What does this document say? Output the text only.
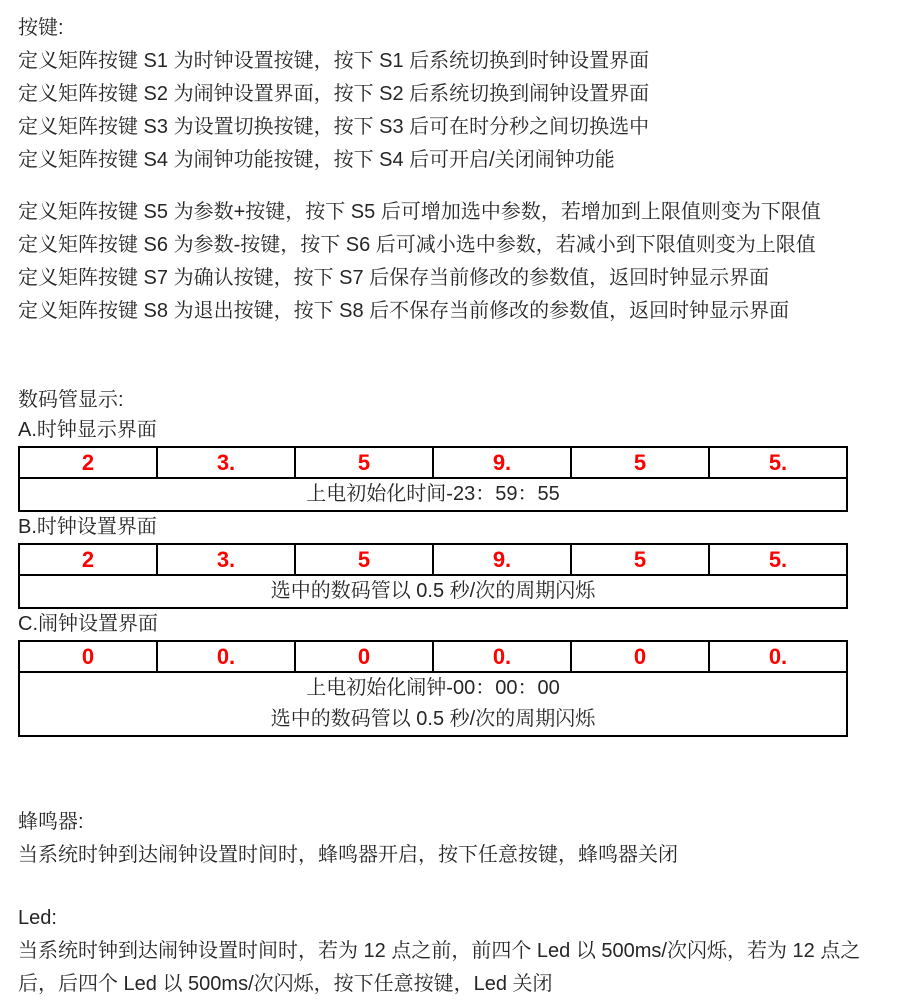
按键:

定义矩阵按键 S1 为时钟设置按键，按下 S1 后系统切换到时钟设置界面

定义矩阵按键 S2 为闹钟设置界面，按下 S2 后系统切换到闹钟设置界面

定义矩阵按键 S3 为设置切换按键，按下 S3 后可在时分秒之间切换选中

定义矩阵按键 S4 为闹钟功能按键，按下 S4 后可开启/关闭闹钟功能

定义矩阵按键 S5 为参数+按键，按下 S5 后可增加选中参数，若增加到上限值则变为下限值

定义矩阵按键 S6 为参数-按键，按下 S6 后可减小选中参数，若减小到下限值则变为上限值

定义矩阵按键 S7 为确认按键，按下 S7 后保存当前修改的参数值，返回时钟显示界面

定义矩阵按键 S8 为退出按键，按下 S8 后不保存当前修改的参数值，返回时钟显示界面

数码管显示:

A.时钟显示界面

2	3.	5	9.	5	5.

上电初始化时间-23：59：55

B.时钟设置界面

2	3.	5	9.	5	5.

选中的数码管以 0.5 秒/次的周期闪烁

C.闹钟设置界面

0	0.	0	0.	0	0.

上电初始化闹钟-00：00：00
选中的数码管以 0.5 秒/次的周期闪烁

蜂鸣器:

当系统时钟到达闹钟设置时间时，蜂鸣器开启，按下任意按键，蜂鸣器关闭

Led:

当系统时钟到达闹钟设置时间时，若为 12 点之前，前四个 Led 以 500ms/次闪烁，若为 12 点之后，后四个 Led 以 500ms/次闪烁，按下任意按键，Led 关闭
